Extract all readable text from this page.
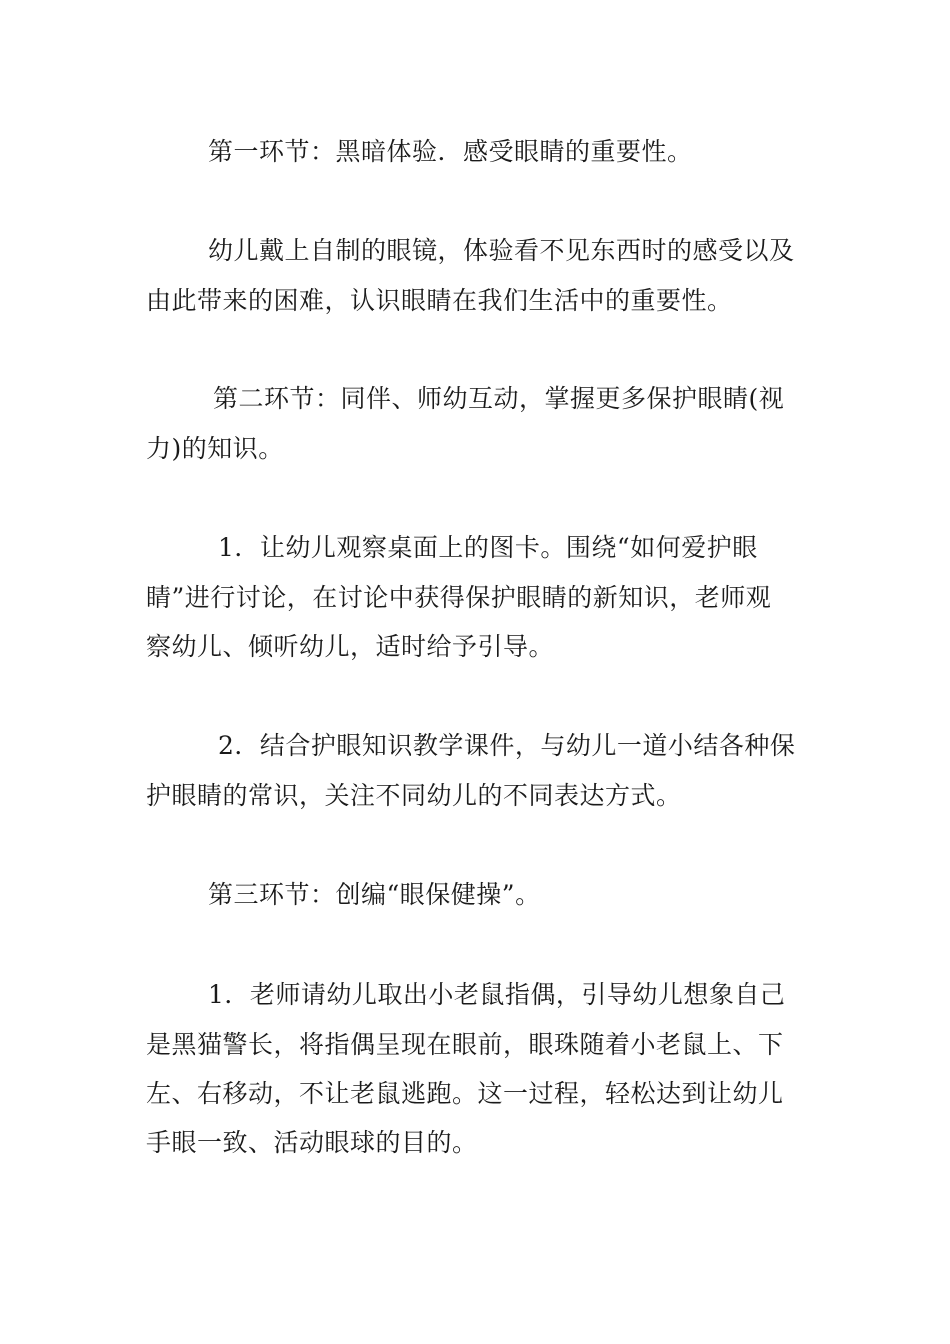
第一环节：黑暗体验．感受眼睛的重要性。
幼儿戴上自制的眼镜，体验看不见东西时的感受以及
由此带来的困难，认识眼睛在我们生活中的重要性。
第二环节：同伴、师幼互动，掌握更多保护眼睛(视
力)的知识。
1．让幼儿观察桌面上的图卡。围绕“如何爱护眼
睛”进行讨论，在讨论中获得保护眼睛的新知识，老师观
察幼儿、倾听幼儿，适时给予引导。
2．结合护眼知识教学课件，与幼儿一道小结各种保
护眼睛的常识，关注不同幼儿的不同表达方式。
第三环节：创编“眼保健操”。
1．老师请幼儿取出小老鼠指偶，引导幼儿想象自己
是黑猫警长，将指偶呈现在眼前，眼珠随着小老鼠上、下
左、右移动，不让老鼠逃跑。这一过程，轻松达到让幼儿
手眼一致、活动眼球的目的。
